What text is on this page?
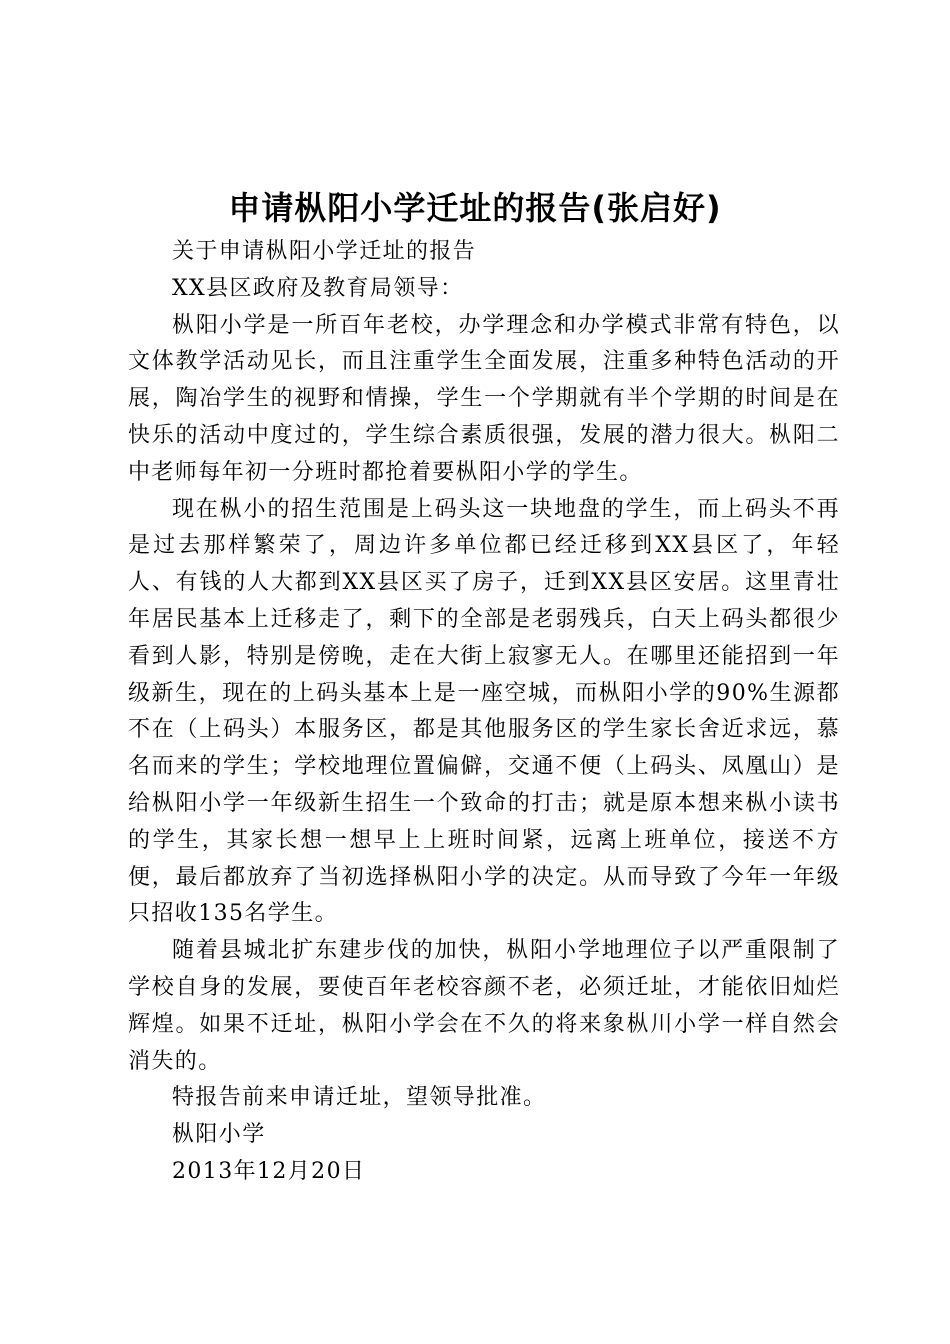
申请枞阳小学迁址的报告(张启好)

关于申请枞阳小学迁址的报告

XX县区政府及教育局领导：

枞阳小学是一所百年老校，办学理念和办学模式非常有特色，以文体教学活动见长，而且注重学生全面发展，注重多种特色活动的开展，陶冶学生的视野和情操，学生一个学期就有半个学期的时间是在快乐的活动中度过的，学生综合素质很强，发展的潜力很大。枞阳二中老师每年初一分班时都抢着要枞阳小学的学生。

现在枞小的招生范围是上码头这一块地盘的学生，而上码头不再是过去那样繁荣了，周边许多单位都已经迁移到XX县区了，年轻人、有钱的人大都到XX县区买了房子，迁到XX县区安居。这里青壮年居民基本上迁移走了，剩下的全部是老弱残兵，白天上码头都很少看到人影，特别是傍晚，走在大街上寂寥无人。在哪里还能招到一年级新生，现在的上码头基本上是一座空城，而枞阳小学的90%生源都不在（上码头）本服务区，都是其他服务区的学生家长舍近求远，慕名而来的学生；学校地理位置偏僻，交通不便（上码头、凤凰山）是给枞阳小学一年级新生招生一个致命的打击；就是原本想来枞小读书的学生，其家长想一想早上上班时间紧，远离上班单位，接送不方便，最后都放弃了当初选择枞阳小学的决定。从而导致了今年一年级只招收135名学生。

随着县城北扩东建步伐的加快，枞阳小学地理位子以严重限制了学校自身的发展，要使百年老校容颜不老，必须迁址，才能依旧灿烂辉煌。如果不迁址，枞阳小学会在不久的将来象枞川小学一样自然会消失的。

特报告前来申请迁址，望领导批准。

枞阳小学

2013年12月20日
